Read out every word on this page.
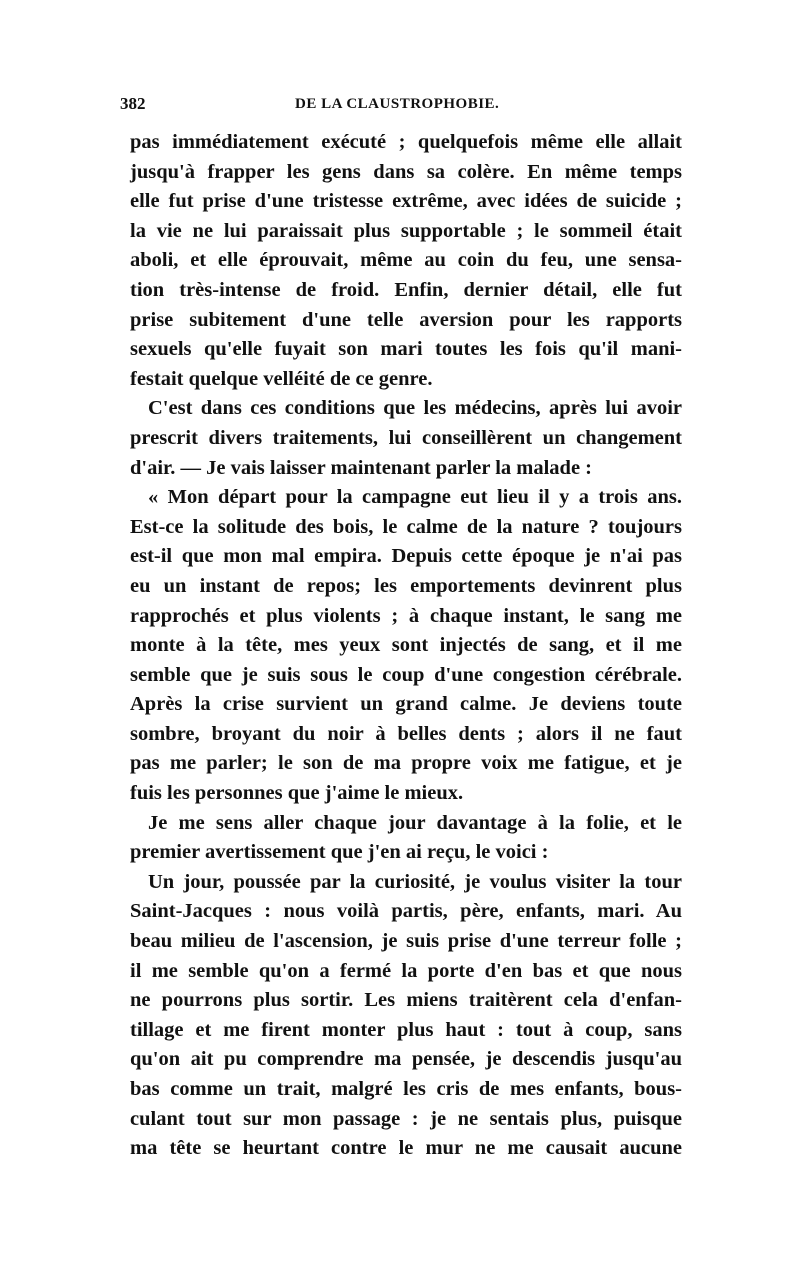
382	DE LA CLAUSTROPHOBIE.
pas immédiatement exécuté ; quelquefois même elle allait
jusqu'à frapper les gens dans sa colère. En même temps
elle fut prise d'une tristesse extrême, avec idées de suicide ;
la vie ne lui paraissait plus supportable ; le sommeil était
aboli, et elle éprouvait, même au coin du feu, une sensa-
tion très-intense de froid. Enfin, dernier détail, elle fut
prise subitement d'une telle aversion pour les rapports
sexuels qu'elle fuyait son mari toutes les fois qu'il mani-
festait quelque velléité de ce genre.
C'est dans ces conditions que les médecins, après lui avoir
prescrit divers traitements, lui conseillèrent un changement
d'air. — Je vais laisser maintenant parler la malade :
« Mon départ pour la campagne eut lieu il y a trois ans.
Est-ce la solitude des bois, le calme de la nature ? toujours
est-il que mon mal empira. Depuis cette époque je n'ai pas
eu un instant de repos; les emportements devinrent plus
rapprochés et plus violents ; à chaque instant, le sang me
monte à la tête, mes yeux sont injectés de sang, et il me
semble que je suis sous le coup d'une congestion cérébrale.
Après la crise survient un grand calme. Je deviens toute
sombre, broyant du noir à belles dents ; alors il ne faut
pas me parler; le son de ma propre voix me fatigue, et je
fuis les personnes que j'aime le mieux.
Je me sens aller chaque jour davantage à la folie, et le
premier avertissement que j'en ai reçu, le voici :
Un jour, poussée par la curiosité, je voulus visiter la tour
Saint-Jacques : nous voilà partis, père, enfants, mari. Au
beau milieu de l'ascension, je suis prise d'une terreur folle ;
il me semble qu'on a fermé la porte d'en bas et que nous
ne pourrons plus sortir. Les miens traitèrent cela d'enfan-
tillage et me firent monter plus haut : tout à coup, sans
qu'on ait pu comprendre ma pensée, je descendis jusqu'au
bas comme un trait, malgré les cris de mes enfants, bous-
culant tout sur mon passage : je ne sentais plus, puisque
ma tête se heurtant contre le mur ne me causait aucune
